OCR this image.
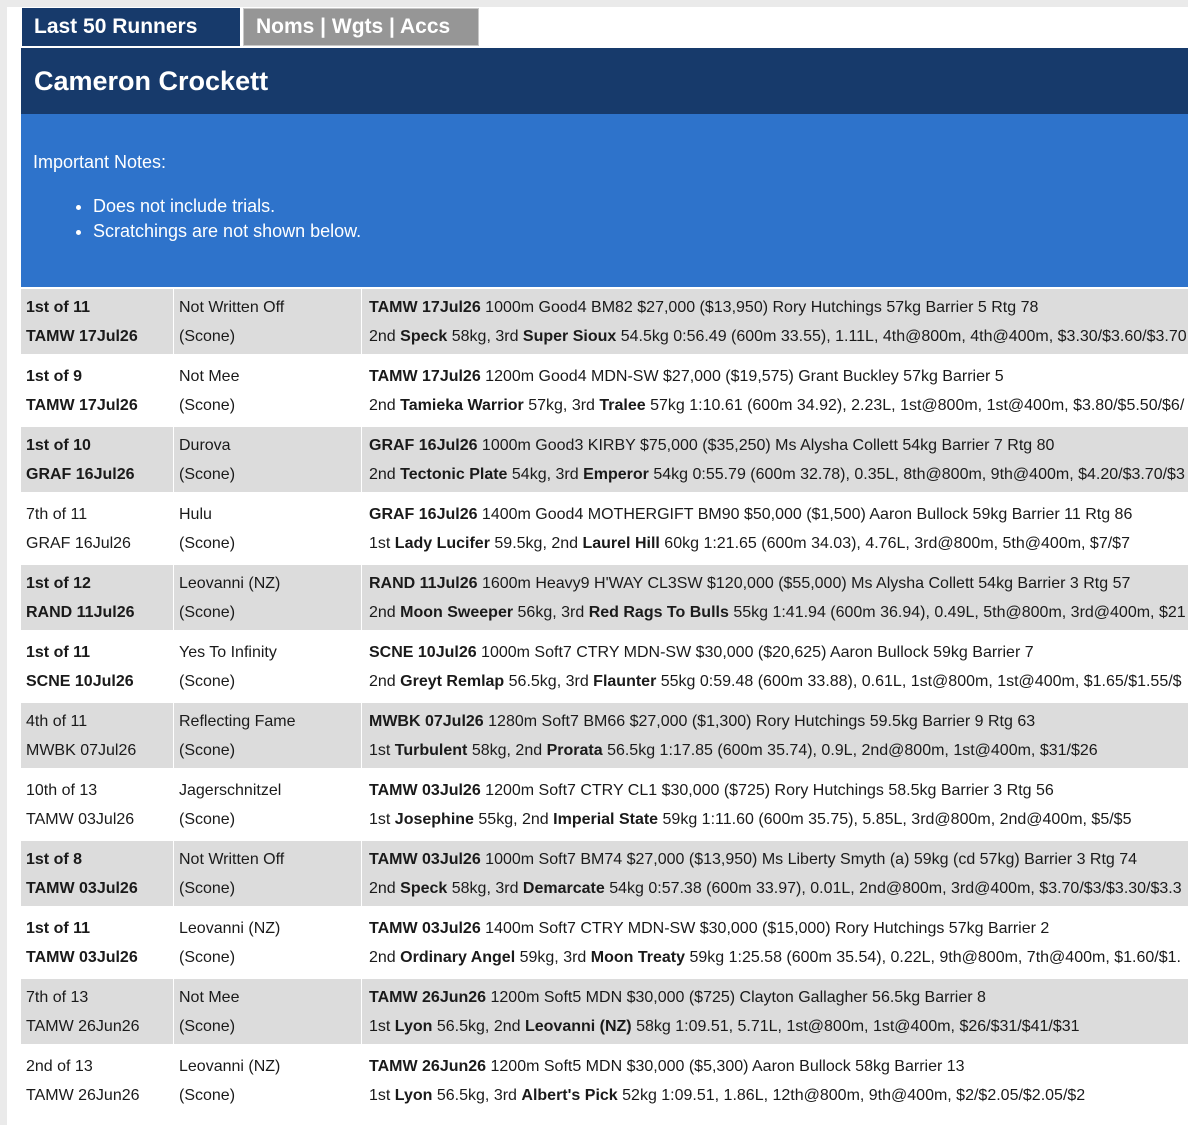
Last 50 Runners	Noms | Wgts | Accs
Cameron Crockett
Important Notes:
• Does not include trials.
• Scratchings are not shown below.
1st of 11
TAMW 17Jul26
Not Written Off
(Scone)
TAMW 17Jul26 1000m Good4 BM82 $27,000 ($13,950) Rory Hutchings 57kg Barrier 5 Rtg 78
2nd Speck 58kg, 3rd Super Sioux 54.5kg 0:56.49 (600m 33.55), 1.11L, 4th@800m, 4th@400m, $3.30/$3.60/$3.70
1st of 9
TAMW 17Jul26
Not Mee
(Scone)
TAMW 17Jul26 1200m Good4 MDN-SW $27,000 ($19,575) Grant Buckley 57kg Barrier 5
2nd Tamieka Warrior 57kg, 3rd Tralee 57kg 1:10.61 (600m 34.92), 2.23L, 1st@800m, 1st@400m, $3.80/$5.50/$6/
1st of 10
GRAF 16Jul26
Durova
(Scone)
GRAF 16Jul26 1000m Good3 KIRBY $75,000 ($35,250) Ms Alysha Collett 54kg Barrier 7 Rtg 80
2nd Tectonic Plate 54kg, 3rd Emperor 54kg 0:55.79 (600m 32.78), 0.35L, 8th@800m, 9th@400m, $4.20/$3.70/$3
7th of 11
GRAF 16Jul26
Hulu
(Scone)
GRAF 16Jul26 1400m Good4 MOTHERGIFT BM90 $50,000 ($1,500) Aaron Bullock 59kg Barrier 11 Rtg 86
1st Lady Lucifer 59.5kg, 2nd Laurel Hill 60kg 1:21.65 (600m 34.03), 4.76L, 3rd@800m, 5th@400m, $7/$7
1st of 12
RAND 11Jul26
Leovanni (NZ)
(Scone)
RAND 11Jul26 1600m Heavy9 H'WAY CL3SW $120,000 ($55,000) Ms Alysha Collett 54kg Barrier 3 Rtg 57
2nd Moon Sweeper 56kg, 3rd Red Rags To Bulls 55kg 1:41.94 (600m 36.94), 0.49L, 5th@800m, 3rd@400m, $21
1st of 11
SCNE 10Jul26
Yes To Infinity
(Scone)
SCNE 10Jul26 1000m Soft7 CTRY MDN-SW $30,000 ($20,625) Aaron Bullock 59kg Barrier 7
2nd Greyt Remlap 56.5kg, 3rd Flaunter 55kg 0:59.48 (600m 33.88), 0.61L, 1st@800m, 1st@400m, $1.65/$1.55/$
4th of 11
MWBK 07Jul26
Reflecting Fame
(Scone)
MWBK 07Jul26 1280m Soft7 BM66 $27,000 ($1,300) Rory Hutchings 59.5kg Barrier 9 Rtg 63
1st Turbulent 58kg, 2nd Prorata 56.5kg 1:17.85 (600m 35.74), 0.9L, 2nd@800m, 1st@400m, $31/$26
10th of 13
TAMW 03Jul26
Jagerschnitzel
(Scone)
TAMW 03Jul26 1200m Soft7 CTRY CL1 $30,000 ($725) Rory Hutchings 58.5kg Barrier 3 Rtg 56
1st Josephine 55kg, 2nd Imperial State 59kg 1:11.60 (600m 35.75), 5.85L, 3rd@800m, 2nd@400m, $5/$5
1st of 8
TAMW 03Jul26
Not Written Off
(Scone)
TAMW 03Jul26 1000m Soft7 BM74 $27,000 ($13,950) Ms Liberty Smyth (a) 59kg (cd 57kg) Barrier 3 Rtg 74
2nd Speck 58kg, 3rd Demarcate 54kg 0:57.38 (600m 33.97), 0.01L, 2nd@800m, 3rd@400m, $3.70/$3/$3.30/$3.3
1st of 11
TAMW 03Jul26
Leovanni (NZ)
(Scone)
TAMW 03Jul26 1400m Soft7 CTRY MDN-SW $30,000 ($15,000) Rory Hutchings 57kg Barrier 2
2nd Ordinary Angel 59kg, 3rd Moon Treaty 59kg 1:25.58 (600m 35.54), 0.22L, 9th@800m, 7th@400m, $1.60/$1.
7th of 13
TAMW 26Jun26
Not Mee
(Scone)
TAMW 26Jun26 1200m Soft5 MDN $30,000 ($725) Clayton Gallagher 56.5kg Barrier 8
1st Lyon 56.5kg, 2nd Leovanni (NZ) 58kg 1:09.51, 5.71L, 1st@800m, 1st@400m, $26/$31/$41/$31
2nd of 13
TAMW 26Jun26
Leovanni (NZ)
(Scone)
TAMW 26Jun26 1200m Soft5 MDN $30,000 ($5,300) Aaron Bullock 58kg Barrier 13
1st Lyon 56.5kg, 3rd Albert's Pick 52kg 1:09.51, 1.86L, 12th@800m, 9th@400m, $2/$2.05/$2.05/$2
